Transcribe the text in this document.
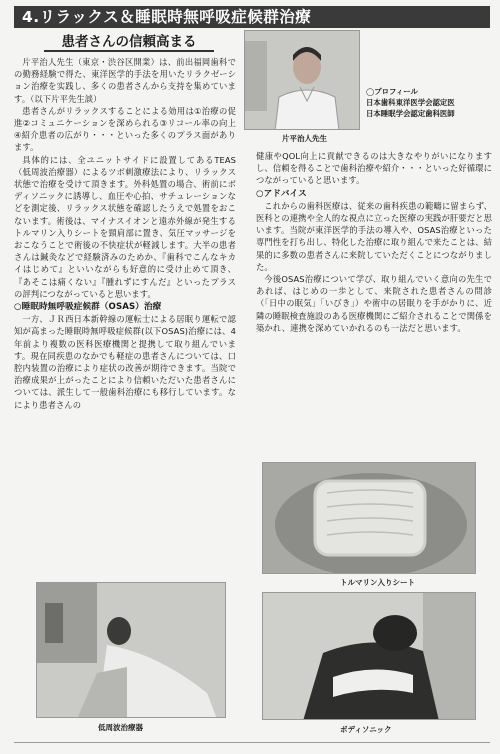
4.リラックス＆睡眠時無呼吸症候群治療
患者さんの信頼高まる

片平治人先生（東京・渋谷区開業）は、前出福岡歯科での勤務経験で得た、東洋医学的手法を用いたリラクゼーション治療を实践し、多くの患者さんから支持を集めています。（以下片平先生談）

患者さんがリラックスすることによる効用は①治療の促進②コミュニケーションを深められる③リコール率の向上④紹介患者の広がり・・・といった多くのプラス面があります。

具体的には、全ユニットサイドに設置してあるTEAS（低周波治療器）によるツボ刺激療法により、リラックス状態で治療を受けて頂きます。外科処置の場合、術前にボディソニックに誘導し、血圧や心拍、サチュレーションなどを測定後、リラックス状態を確認したうえで処置をおこないます。術後は、マイナスイオンと遠赤外線が発生するトルマリン入りシートを頸肩部に置き、気圧マッサージをおこなうことで術後の不快症状が軽減します。大半の患者さんは鍼灸などで経験済みのためか、『歯科でこんなキカイはじめて』といいながらも好意的に受け止めて頂き、『あそこは痛くない』『腫れずにすんだ』といったプラスの評判につながっていると思います。

○睡眠時無呼吸症候群（OSAS）治療

一方、ＪＲ西日本新幹線の運転士による居眠り運転で認知が高まった睡眠時無呼吸症候群(以下OSAS)治療には、4年前より複数の医科医療機関と提携して取り組んでいます。現在同疾患のなかでも軽症の患者さんについては、口腔内装置の治療により症状の改善が期待できます。当院で治療成果が上がったことにより信頼いただいた患者さんについては、派生して一般歯科治療にも移行しています。なにより患者さんの

片平治人先生
◯プロフィール
日本歯科東洋医学会認定医
日本睡眠学会認定歯科医師

健康やQOL向上に貢献できるのは大きなやりがいになりますし、信頼を得ることで歯科治療や紹介・・・といった好循環につながっていると思います。

○アドバイス

これからの歯科医療は、従来の歯科疾患の範疇に留まらず、医科との連携や全人的な視点に立った医療の実践が肝要だと思います。当院が東洋医学的手法の導入や、OSAS治療といった専門性を打ち出し、特化した治療に取り組んで来たことは、結果的に多数の患者さんに来院していただくことにつながりました。

今後OSAS治療について学び、取り組んでいく意向の先生であれば、はじめの一歩として、来院された患者さんの問診（「日中の眠気」「いびき」）や術中の居眠りを手がかりに、近隣の睡眠検査施設のある医療機関にご紹介されることで関係を築かれ、連携を深めていかれるのも一法だと思います。

トルマリン入りシート
低周波治療器	ボディソニック
